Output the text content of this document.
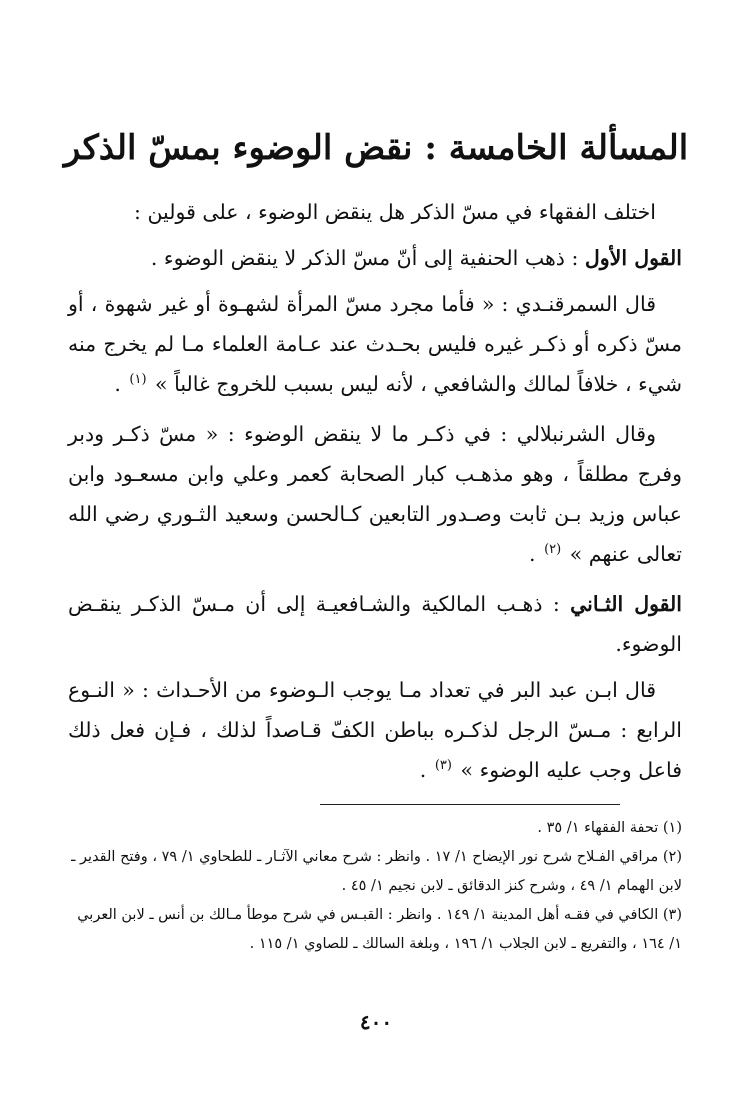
المسألة الخامسة : نقض الوضوء بمسّ الذكر

اختلف الفقهاء في مسّ الذكر هل ينقض الوضوء ، على قولين :

القول الأول : ذهب الحنفية إلى أنّ مسّ الذكر لا ينقض الوضوء .

قال السمرقنـدي : « فأما مجرد مسّ المرأة لشهـوة أو غير شهوة ، أو مسّ ذكره أو ذكـر غيره فليس بحـدث عند عـامة العلماء مـا لم يخرج منه شيء ، خلافاً لمالك والشافعي ، لأنه ليس بسبب للخروج غالباً » $^{(١)}$ .

وقال الشرنبلالي : في ذكـر ما لا ينقض الوضوء : « مسّ ذكـر ودبر وفرج مطلقاً ، وهو مذهـب كبار الصحابة كعمر وعلي وابن مسعـود وابن عباس وزيد بـن ثابت وصـدور التابعين كـالحسن وسعيد الثـوري رضي الله تعالى عنهم » $^{(٢)}$ .

القول الثـاني : ذهـب المالكية والشـافعيـة إلى أن مـسّ الذكـر ينقـض الوضوء.

قال ابـن عبد البر في تعداد مـا يوجب الـوضوء من الأحـداث : « النـوع الرابع : مـسّ الرجل لذكـره بباطن الكفّ قـاصداً لذلك ، فـإن فعل ذلك فاعل وجب عليه الوضوء » $^{(٣)}$ .

(١) تحفة الفقهاء ١/ ٣٥ .

(٢) مراقي الفـلاح شرح نور الإيضاح ١/ ١٧ . وانظر : شرح معاني الآثـار ـ للطحاوي ١/ ٧٩ ، وفتح القدير ـ لابن الهمام ١/ ٤٩ ، وشرح كنز الدقائق ـ لابن نجيم ١/ ٤٥ .

(٣) الكافي في فقـه أهل المدينة ١/ ١٤٩ . وانظر : القبـس في شرح موطأ مـالك بن أنس ـ لابن العربي ١/ ١٦٤ ، والتفريع ـ لابن الجلاب ١/ ١٩٦ ، وبلغة السالك ـ للصاوي ١/ ١١٥ .

٤٠٠
